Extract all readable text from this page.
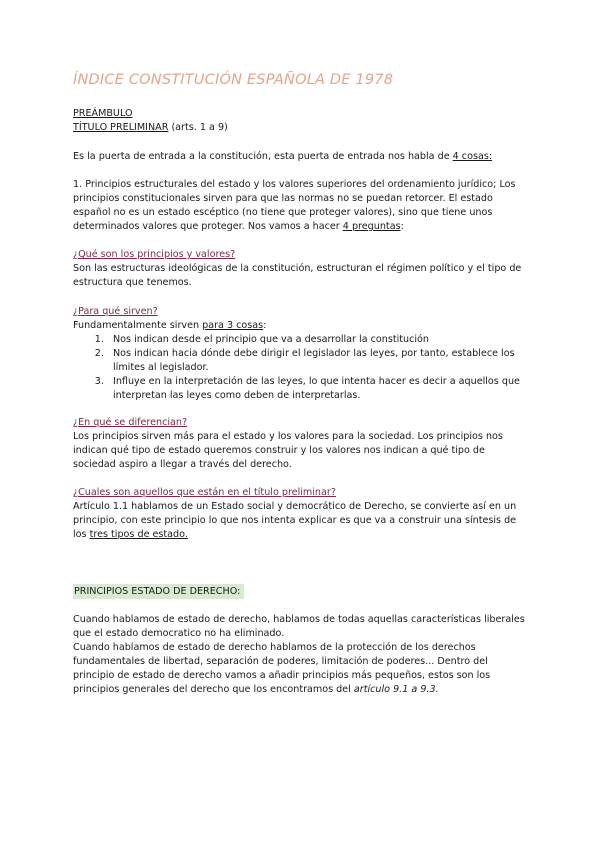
ÍNDICE CONSTITUCIÓN ESPAÑOLA DE 1978
PREÁMBULO
TÍTULO PRELIMINAR (arts. 1 a 9)
Es la puerta de entrada a la constitución, esta puerta de entrada nos habla de 4 cosas:
1. Principios estructurales del estado y los valores superiores del ordenamiento jurídico; Los principios constitucionales sirven para que las normas no se puedan retorcer. El estado español no es un estado escéptico (no tiene que proteger valores), sino que tiene unos determinados valores que proteger. Nos vamos a hacer 4 preguntas:
¿Qué son los principios y valores?
Son las estructuras ideológicas de la constitución, estructuran el régimen político y el tipo de estructura que tenemos.
¿Para qué sirven?
Fundamentalmente sirven para 3 cosas:
1. Nos indican desde el principio que va a desarrollar la constitución
2. Nos indican hacia dónde debe dirigir el legislador las leyes, por tanto, establece los límites al legislador.
3. Influye en la interpretación de las leyes, lo que intenta hacer es decir a aquellos que interpretan las leyes como deben de interpretarlas.
¿En qué se diferencian?
Los principios sirven más para el estado y los valores para la sociedad. Los principios nos indican qué tipo de estado queremos construir y los valores nos indican a qué tipo de sociedad aspiro a llegar a través del derecho.
¿Cuales son aquellos que están en el título preliminar?
Artículo 1.1 hablamos de un Estado social y democrático de Derecho, se convierte así en un principio, con este principio lo que nos intenta explicar es que va a construir una síntesis de los tres tipos de estado.
PRINCIPIOS ESTADO DE DERECHO:
Cuando hablamos de estado de derecho, hablamos de todas aquellas características liberales que el estado democratico no ha eliminado.
Cuando hablamos de estado de derecho hablamos de la protección de los derechos fundamentales de libertad, separación de poderes, limitación de poderes... Dentro del principio de estado de derecho vamos a añadir principios más pequeños, estos son los principios generales del derecho que los encontramos del artículo 9.1 a 9.3.
